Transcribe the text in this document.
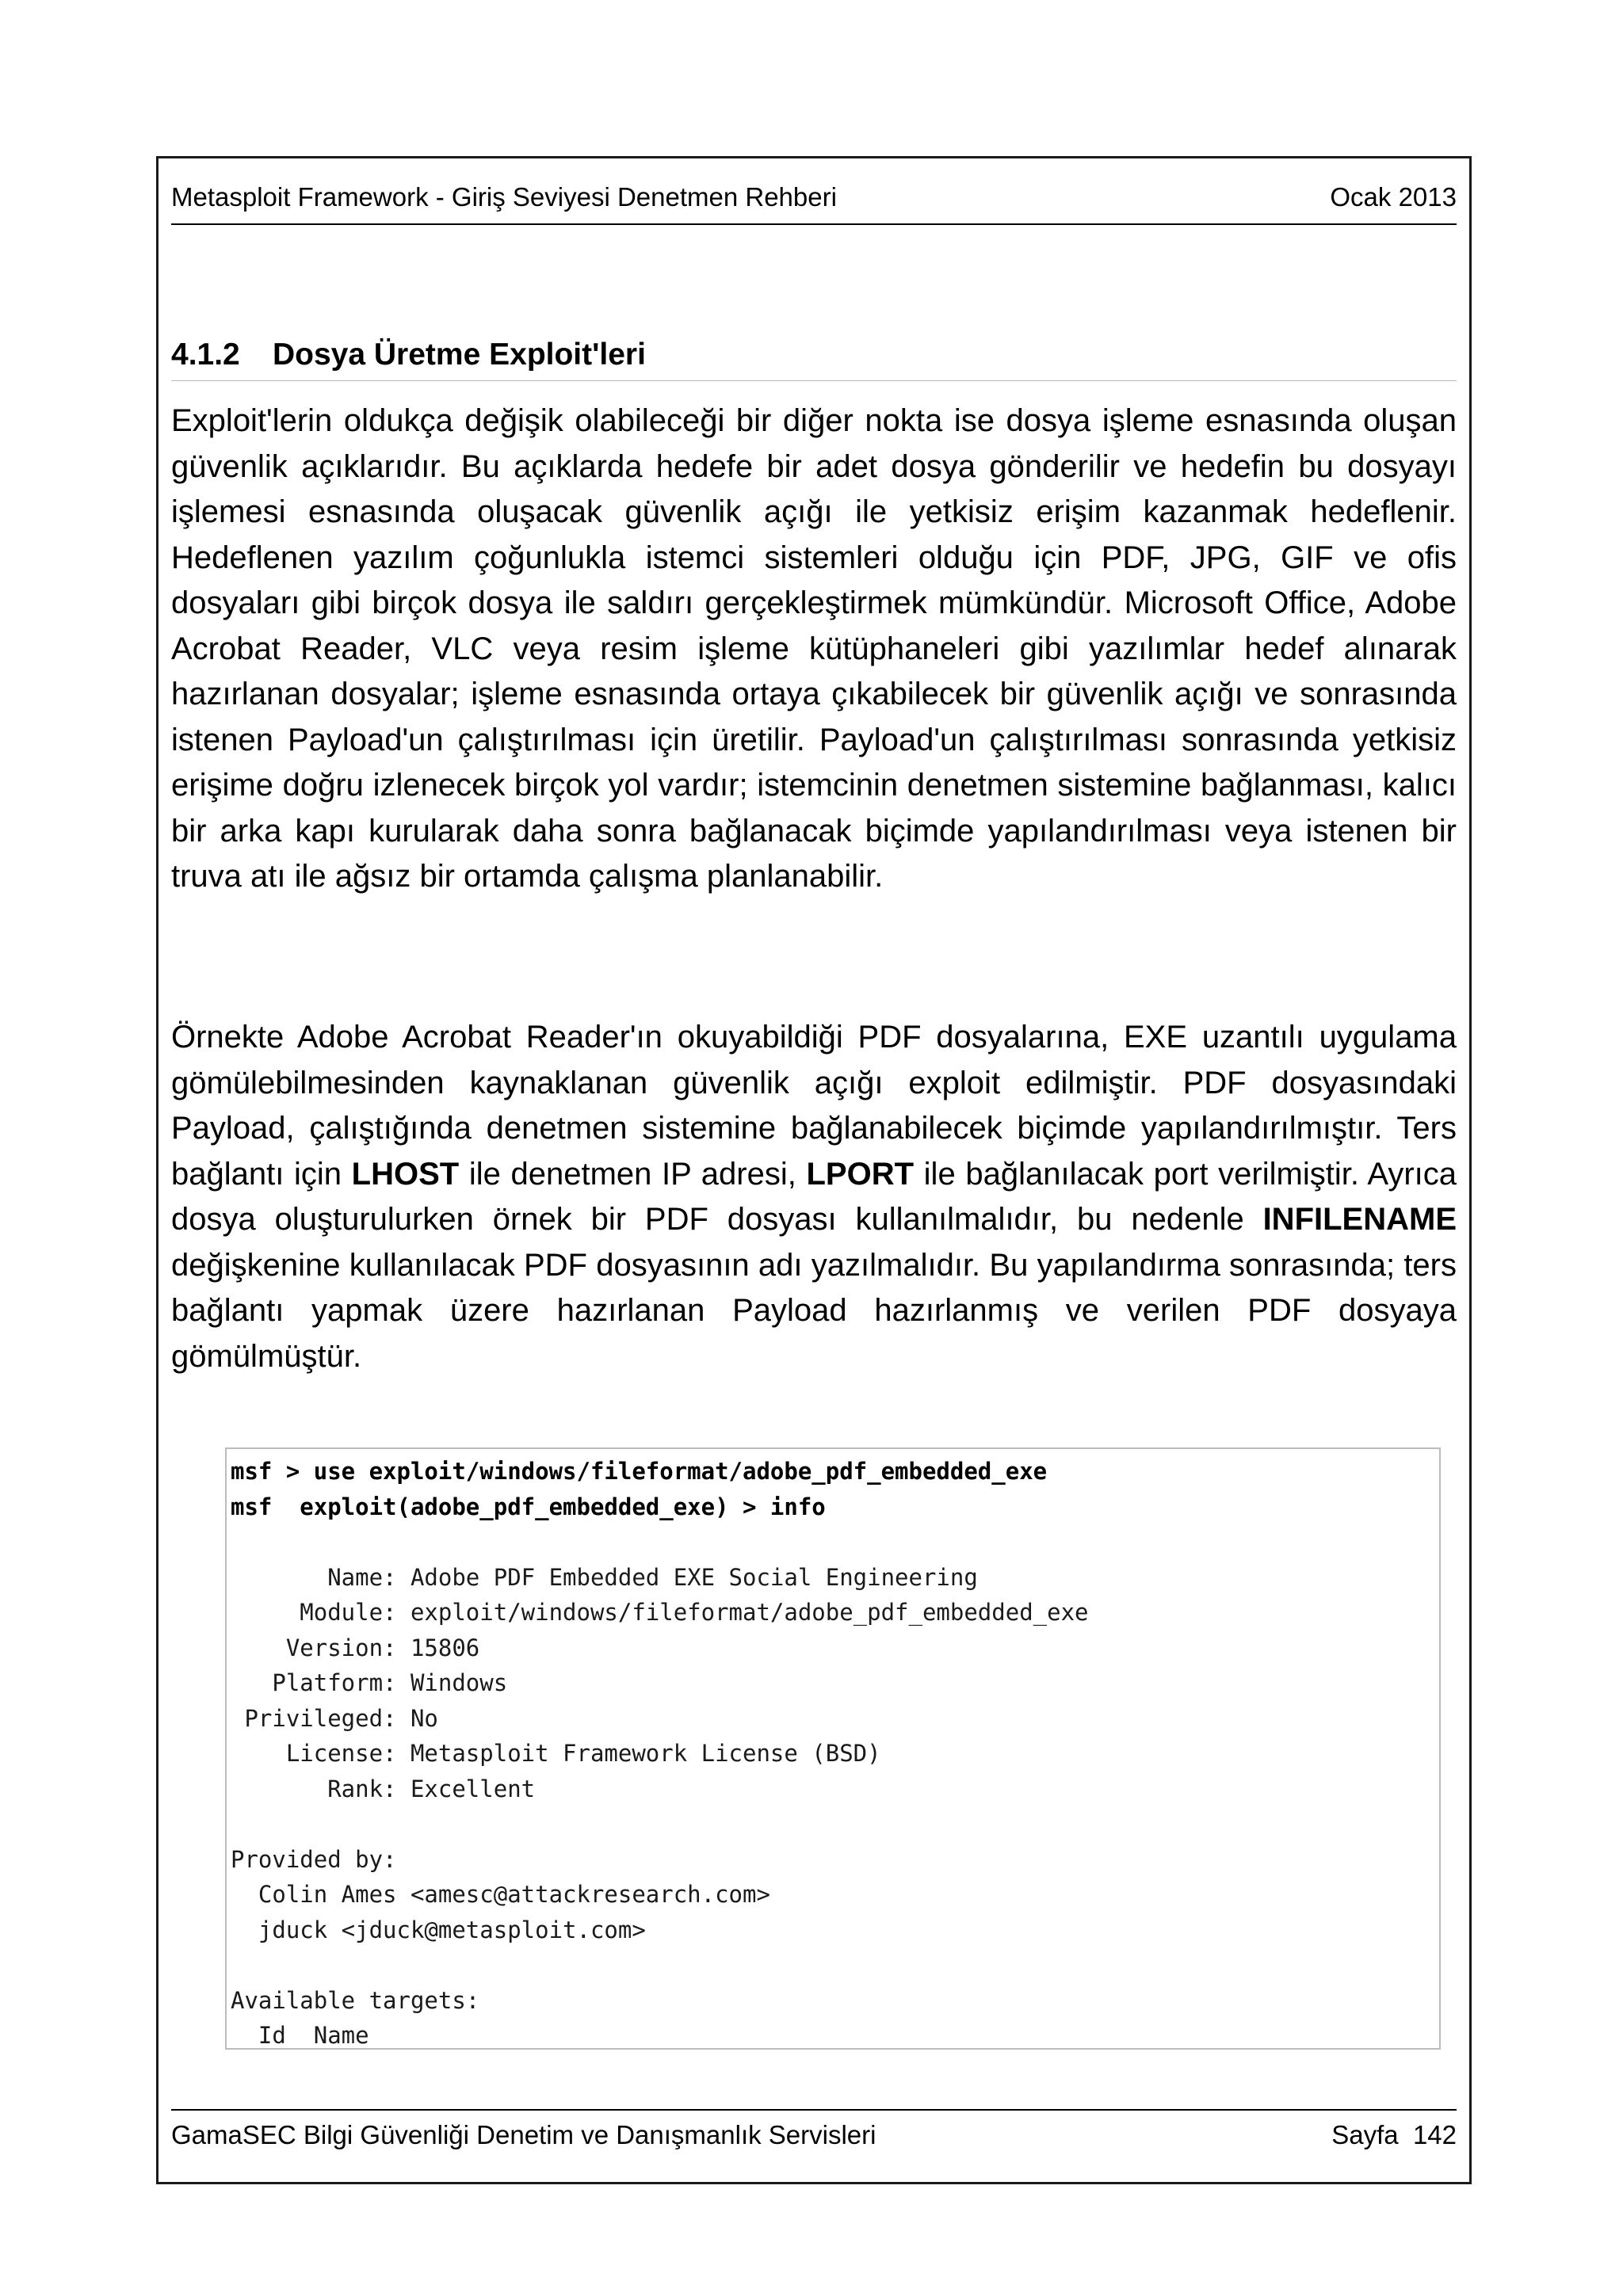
Metasploit Framework - Giriş Seviyesi Denetmen Rehberi	Ocak 2013
4.1.2 Dosya Üretme Exploit'leri

Exploit'lerin oldukça değişik olabileceği bir diğer nokta ise dosya işleme esnasında oluşan güvenlik açıklarıdır. Bu açıklarda hedefe bir adet dosya gönderilir ve hedefin bu dosyayı işlemesi esnasında oluşacak güvenlik açığı ile yetkisiz erişim kazanmak hedeflenir. Hedeflenen yazılım çoğunlukla istemci sistemleri olduğu için PDF, JPG, GIF ve ofis dosyaları gibi birçok dosya ile saldırı gerçekleştirmek mümkündür. Microsoft Office, Adobe Acrobat Reader, VLC veya resim işleme kütüphaneleri gibi yazılımlar hedef alınarak hazırlanan dosyalar; işleme esnasında ortaya çıkabilecek bir güvenlik açığı ve sonrasında istenen Payload'un çalıştırılması için üretilir. Payload'un çalıştırılması sonrasında yetkisiz erişime doğru izlenecek birçok yol vardır; istemcinin denetmen sistemine bağlanması, kalıcı bir arka kapı kurularak daha sonra bağlanacak biçimde yapılandırılması veya istenen bir truva atı ile ağsız bir ortamda çalışma planlanabilir.

Örnekte Adobe Acrobat Reader'ın okuyabildiği PDF dosyalarına, EXE uzantılı uygulama gömülebilmesinden kaynaklanan güvenlik açığı exploit edilmiştir. PDF dosyasındaki Payload, çalıştığında denetmen sistemine bağlanabilecek biçimde yapılandırılmıştır. Ters bağlantı için LHOST ile denetmen IP adresi, LPORT ile bağlanılacak port verilmiştir. Ayrıca dosya oluşturulurken örnek bir PDF dosyası kullanılmalıdır, bu nedenle INFILENAME değişkenine kullanılacak PDF dosyasının adı yazılmalıdır. Bu yapılandırma sonrasında; ters bağlantı yapmak üzere hazırlanan Payload hazırlanmış ve verilen PDF dosyaya gömülmüştür.

msf > use exploit/windows/fileformat/adobe_pdf_embedded_exe
msf  exploit(adobe_pdf_embedded_exe) > info
Name: Adobe PDF Embedded EXE Social Engineering
Module: exploit/windows/fileformat/adobe_pdf_embedded_exe
Version: 15806
Platform: Windows
Privileged: No
License: Metasploit Framework License (BSD)
Rank: Excellent
Provided by:
Colin Ames <amesc@attackresearch.com>
jduck <jduck@metasploit.com>
Available targets:
Id  Name
GamaSEC Bilgi Güvenliği Denetim ve Danışmanlık Servisleri	Sayfa  142
